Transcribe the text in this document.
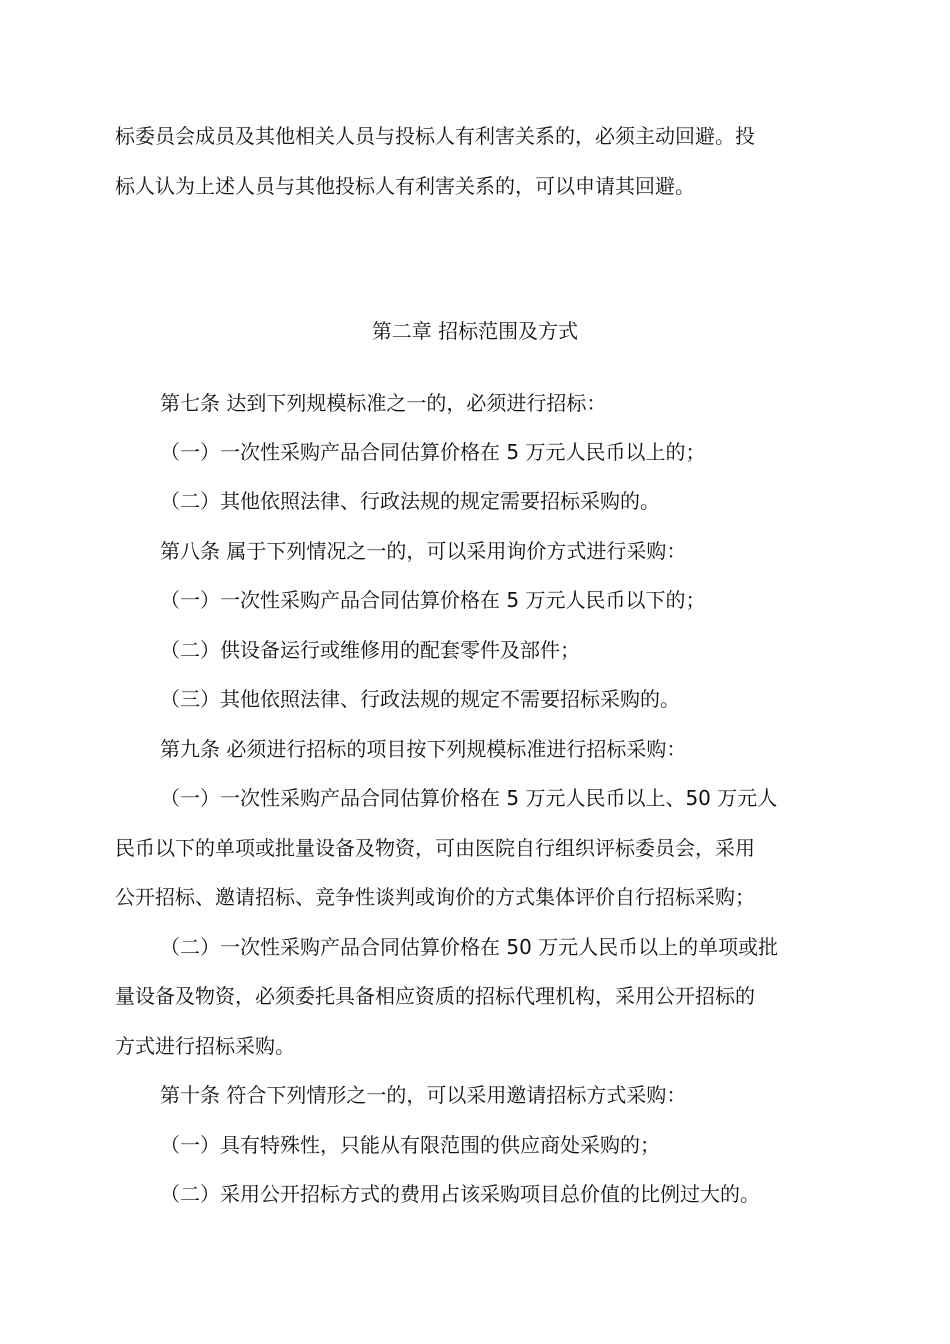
标委员会成员及其他相关人员与投标人有利害关系的，必须主动回避。投
标人认为上述人员与其他投标人有利害关系的，可以申请其回避。
第二章 招标范围及方式
第七条 达到下列规模标准之一的，必须进行招标：
（一）一次性采购产品合同估算价格在 5 万元人民币以上的；
（二）其他依照法律、行政法规的规定需要招标采购的。
第八条 属于下列情况之一的，可以采用询价方式进行采购：
（一）一次性采购产品合同估算价格在 5 万元人民币以下的；
（二）供设备运行或维修用的配套零件及部件；
（三）其他依照法律、行政法规的规定不需要招标采购的。
第九条 必须进行招标的项目按下列规模标准进行招标采购：
（一）一次性采购产品合同估算价格在 5 万元人民币以上、50 万元人
民币以下的单项或批量设备及物资，可由医院自行组织评标委员会，采用
公开招标、邀请招标、竞争性谈判或询价的方式集体评价自行招标采购；
（二）一次性采购产品合同估算价格在 50 万元人民币以上的单项或批
量设备及物资，必须委托具备相应资质的招标代理机构，采用公开招标的
方式进行招标采购。
第十条 符合下列情形之一的，可以采用邀请招标方式采购：
（一）具有特殊性，只能从有限范围的供应商处采购的；
（二）采用公开招标方式的费用占该采购项目总价值的比例过大的。
